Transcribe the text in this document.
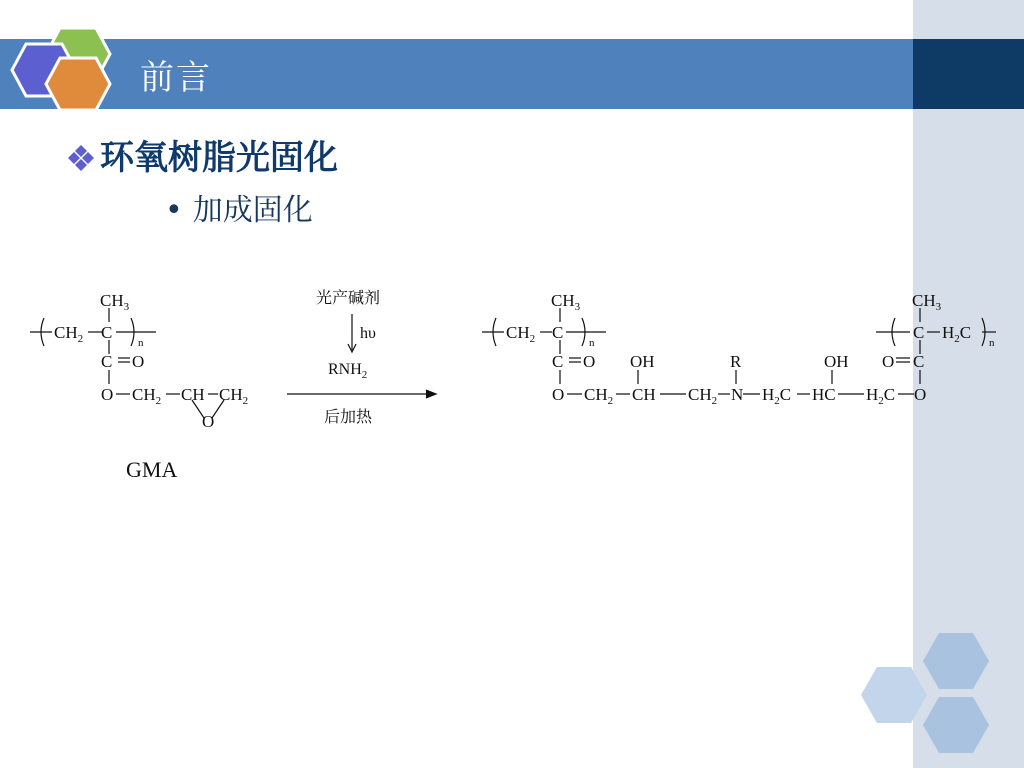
前言
环氧树脂光固化
• 加成固化
$CH_3$
$CH_2$ C
n
C O
O $CH_2$ CH $CH_2$
O
光产碱剂
hυ
$RNH_2$
后加热
$CH_3$
$CH_2$ C
n
C O OH	R	OH O C
O $CH_2$ CH $CH_2$ N $H_2C$ HC $H_2C$ O
$CH_3$
C $H_2C$
n
GMA
